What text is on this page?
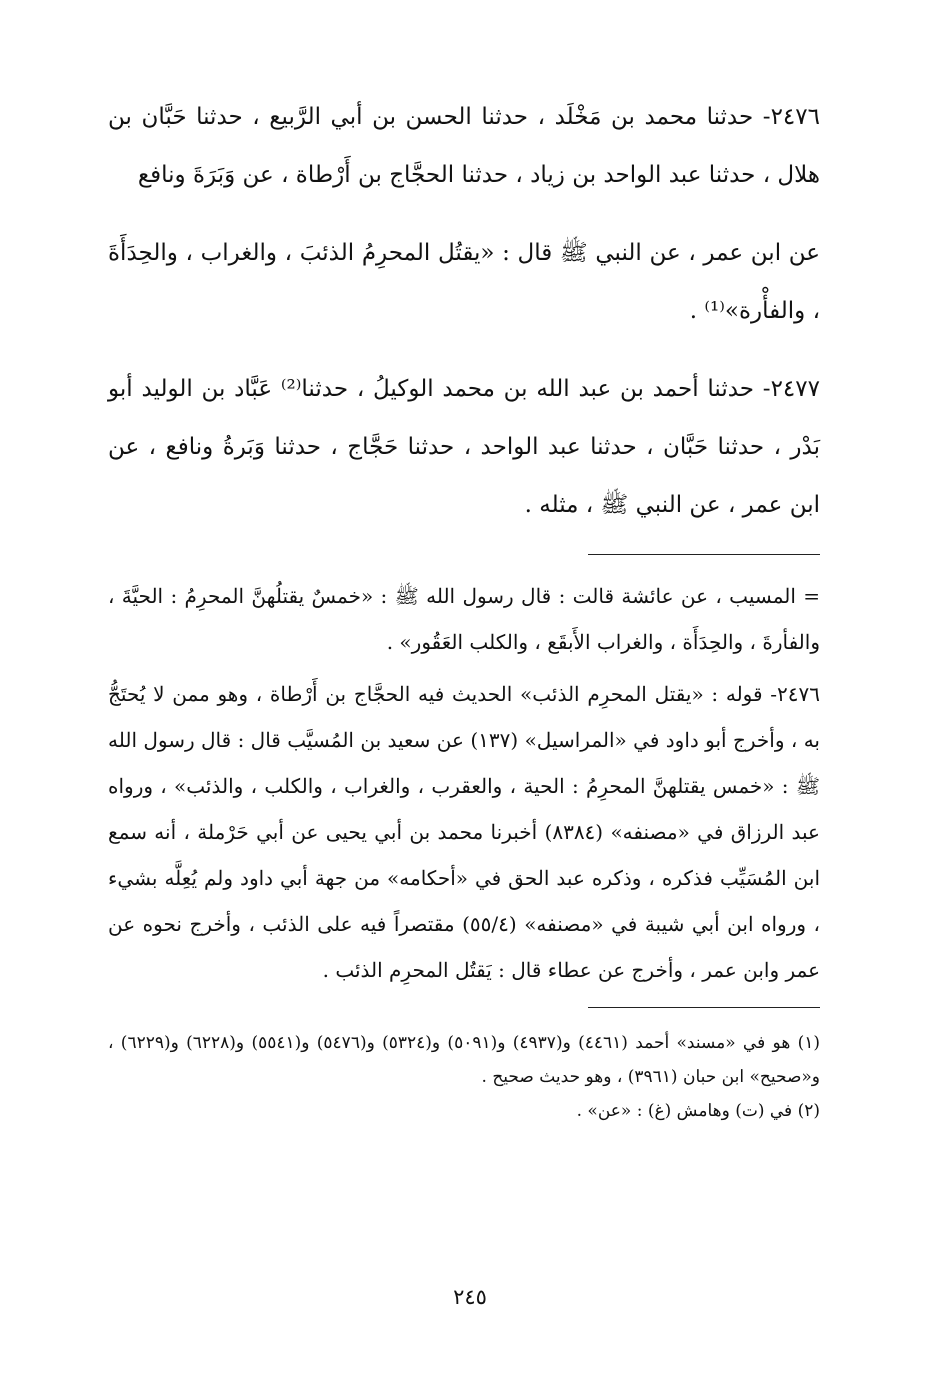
٢٤٧٦- حدثنا محمد بن مَخْلَد ، حدثنا الحسن بن أبي الرَّبيع ، حدثنا حَبَّان بن هلال ، حدثنا عبد الواحد بن زياد ، حدثنا الحجَّاج بن أَرْطاة ، عن وَبَرَةَ ونافع

عن ابن عمر ، عن النبي ﷺ قال : «يقتُل المحرِمُ الذئبَ ، والغراب ، والحِدَأَةَ ، والفأْرة»⁽¹⁾ .

٢٤٧٧- حدثنا أحمد بن عبد الله بن محمد الوكيلُ ، حدثنا⁽²⁾ عَبَّاد بن الوليد أبو بَدْر ، حدثنا حَبَّان ، حدثنا عبد الواحد ، حدثنا حَجَّاج ، حدثنا وَبَرةُ ونافع ، عن ابن عمر ، عن النبي ﷺ ، مثله .

= المسيب ، عن عائشة قالت : قال رسول الله ﷺ : «خمسٌ يقتلُهنَّ المحرِمُ : الحيَّةَ ، والفأرةَ ، والحِدَأَة ، والغراب الأَبقَع ، والكلب العَقُور» .

٢٤٧٦- قوله : «يقتل المحرِم الذئب» الحديث فيه الحجَّاج بن أَرْطاة ، وهو ممن لا يُحتَجُّ به ، وأخرج أبو داود في «المراسيل» (١٣٧) عن سعيد بن المُسيَّب قال : قال رسول الله ﷺ : «خمس يقتلهنَّ المحرِمُ : الحية ، والعقرب ، والغراب ، والكلب ، والذئب» ، ورواه عبد الرزاق في «مصنفه» (٨٣٨٤) أخبرنا محمد بن أبي يحيى عن أبي حَرْملة ، أنه سمع ابن المُسَيِّب فذكره ، وذكره عبد الحق في «أحكامه» من جهة أبي داود ولم يُعِلَّه بشيء ، ورواه ابن أبي شيبة في «مصنفه» (٥٥/٤) مقتصراً فيه على الذئب ، وأخرج نحوه عن عمر وابن عمر ، وأخرج عن عطاء قال : يَقتُل المحرِم الذئب .

(١) هو في «مسند» أحمد (٤٤٦١) و(٤٩٣٧) و(٥٠٩١) و(٥٣٢٤) و(٥٤٧٦) و(٥٥٤١) و(٦٢٢٨) و(٦٢٢٩) ، و«صحيح» ابن حبان (٣٩٦١) ، وهو حديث صحيح .

(٢) في (ت) وهامش (غ) : «عن» .

٢٤٥
